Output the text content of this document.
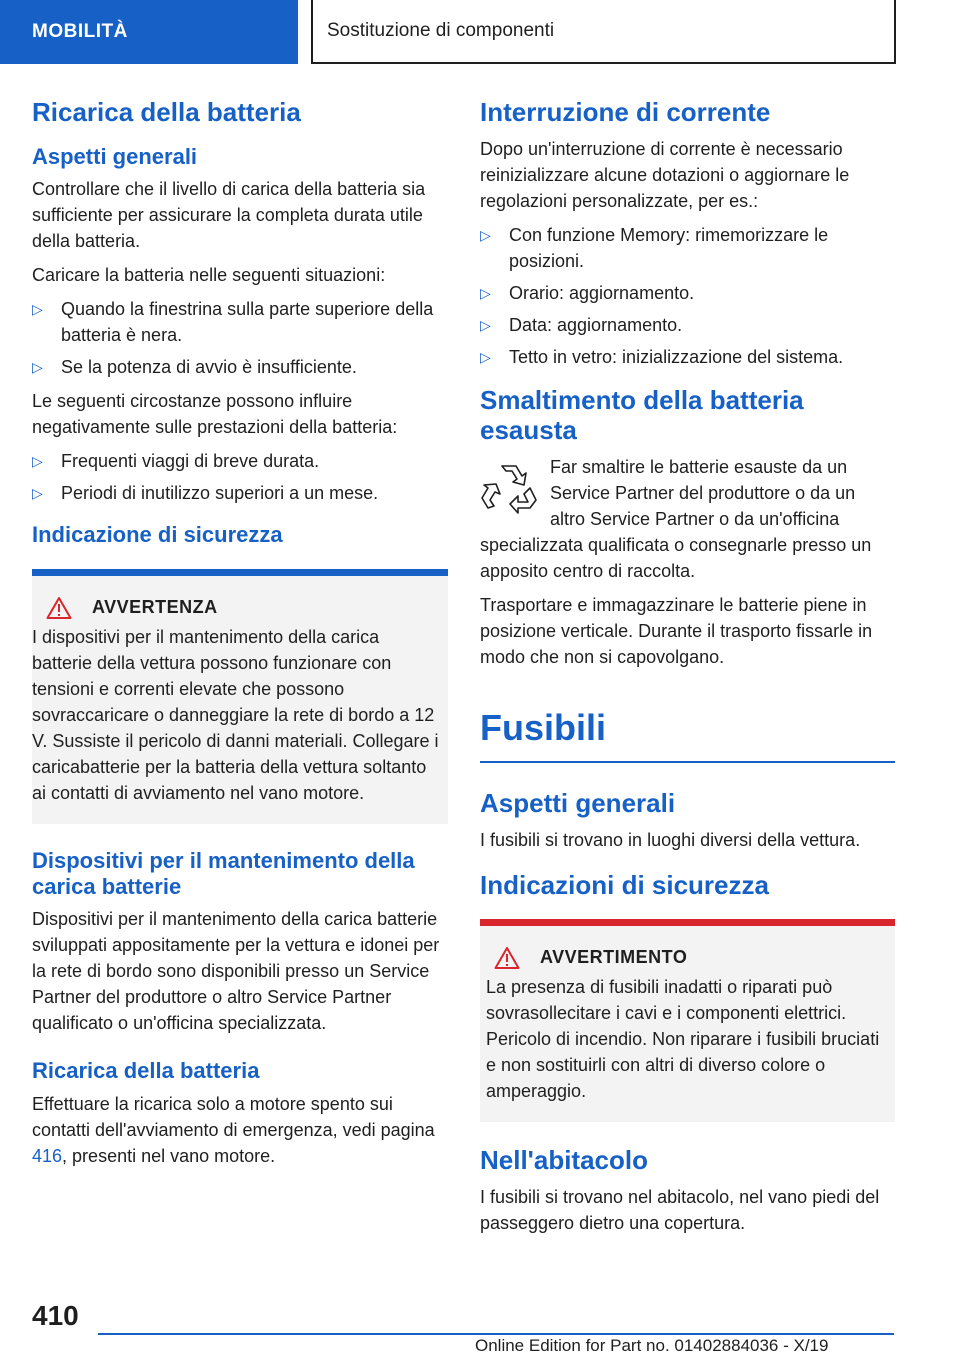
MOBILITÀ	Sostituzione di componenti
Ricarica della batteria
Aspetti generali

Controllare che il livello di carica della batteria sia sufficiente per assicurare la completa durata utile della batteria.

Caricare la batteria nelle seguenti situazioni:

▷ Quando la finestrina sulla parte superiore della batteria è nera.
▷ Se la potenza di avvio è insufficiente.

Le seguenti circostanze possono influire negativamente sulle prestazioni della batteria:

▷ Frequenti viaggi di breve durata.
▷ Periodi di inutilizzo superiori a un mese.
Indicazione di sicurezza
AVVERTENZA

I dispositivi per il mantenimento della carica batterie della vettura possono funzionare con tensioni e correnti elevate che possono sovraccaricare o danneggiare la rete di bordo a 12 V. Sussiste il pericolo di danni materiali. Collegare i caricabatterie per la batteria della vettura soltanto ai contatti di avviamento nel vano motore.

Dispositivi per il mantenimento della carica batterie

Dispositivi per il mantenimento della carica batterie sviluppati appositamente per la vettura e idonei per la rete di bordo sono disponibili presso un Service Partner del produttore o altro Service Partner qualificato o un'officina specializzata.

Ricarica della batteria

Effettuare la ricarica solo a motore spento sui contatti dell'avviamento di emergenza, vedi pagina 416, presenti nel vano motore.

Interruzione di corrente

Dopo un'interruzione di corrente è necessario reinizializzare alcune dotazioni o aggiornare le regolazioni personalizzate, per es.:

▷ Con funzione Memory: rimemorizzare le posizioni.
▷ Orario: aggiornamento.
▷ Data: aggiornamento.
▷ Tetto in vetro: inizializzazione del sistema.
Smaltimento della batteria esausta

Far smaltire le batterie esauste da un Service Partner del produttore o da un altro Service Partner o da un'officina specializzata qualificata o consegnarle presso un apposito centro di raccolta.

Trasportare e immagazzinare le batterie piene in posizione verticale. Durante il trasporto fissarle in modo che non si capovolgano.

Fusibili
Aspetti generali

I fusibili si trovano in luoghi diversi della vettura.

Indicazioni di sicurezza
AVVERTIMENTO

La presenza di fusibili inadatti o riparati può sovrasollecitare i cavi e i componenti elettrici. Pericolo di incendio. Non riparare i fusibili bruciati e non sostituirli con altri di diverso colore o amperaggio.

Nell'abitacolo

I fusibili si trovano nel abitacolo, nel vano piedi del passeggero dietro una copertura.

410
Online Edition for Part no. 01402884036 - X/19
